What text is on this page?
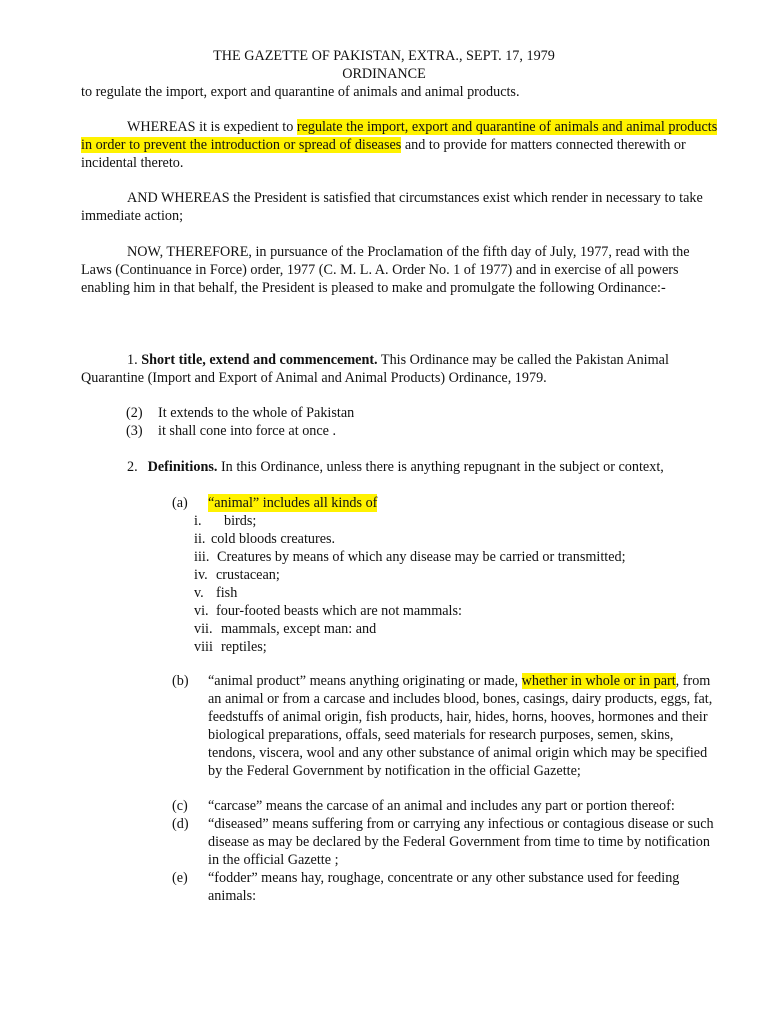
THE GAZETTE OF PAKISTAN, EXTRA., SEPT. 17, 1979
ORDINANCE

to regulate the import, export and quarantine of animals and animal products.

WHEREAS it is expedient to regulate the import, export and quarantine of animals and animal products in order to prevent the introduction or spread of diseases and to provide for matters connected therewith or incidental thereto.

AND WHEREAS the President is satisfied that circumstances exist which render in necessary to take immediate action;

NOW, THEREFORE, in pursuance of the Proclamation of the fifth day of July, 1977, read with the Laws (Continuance in Force) order, 1977 (C. M. L. A. Order No. 1 of 1977) and in exercise of all powers enabling him in that behalf, the President is pleased to make and promulgate the following Ordinance:-

1. Short title, extend and commencement. This Ordinance may be called the Pakistan Animal Quarantine (Import and Export of Animal and Animal Products) Ordinance, 1979.

(2) It extends to the whole of Pakistan
(3) it shall cone into force at once .
2. Definitions. In this Ordinance, unless there is anything repugnant in the subject or context,
(a) “animal” includes all kinds of
i. birds;
ii. cold bloods creatures.
iii. Creatures by means of which any disease may be carried or transmitted;
iv. crustacean;
v. fish
vi. four-footed beasts which are not mammals:
vii. mammals, except man: and
viii reptiles;
(b) “animal product” means anything originating or made, whether in whole or in part, from an animal or from a carcase and includes blood, bones, casings, dairy products, eggs, fat, feedstuffs of animal origin, fish products, hair, hides, horns, hooves, hormones and their biological preparations, offals, seed materials for research purposes, semen, skins, tendons, viscera, wool and any other substance of animal origin which may be specified by the Federal Government by notification in the official Gazette;

(c) “carcase” means the carcase of an animal and includes any part or portion thereof:

(d) “diseased” means suffering from or carrying any infectious or contagious disease or such disease as may be declared by the Federal Government from time to time by notification in the official Gazette ;

(e) “fodder” means hay, roughage, concentrate or any other substance used for feeding animals:
